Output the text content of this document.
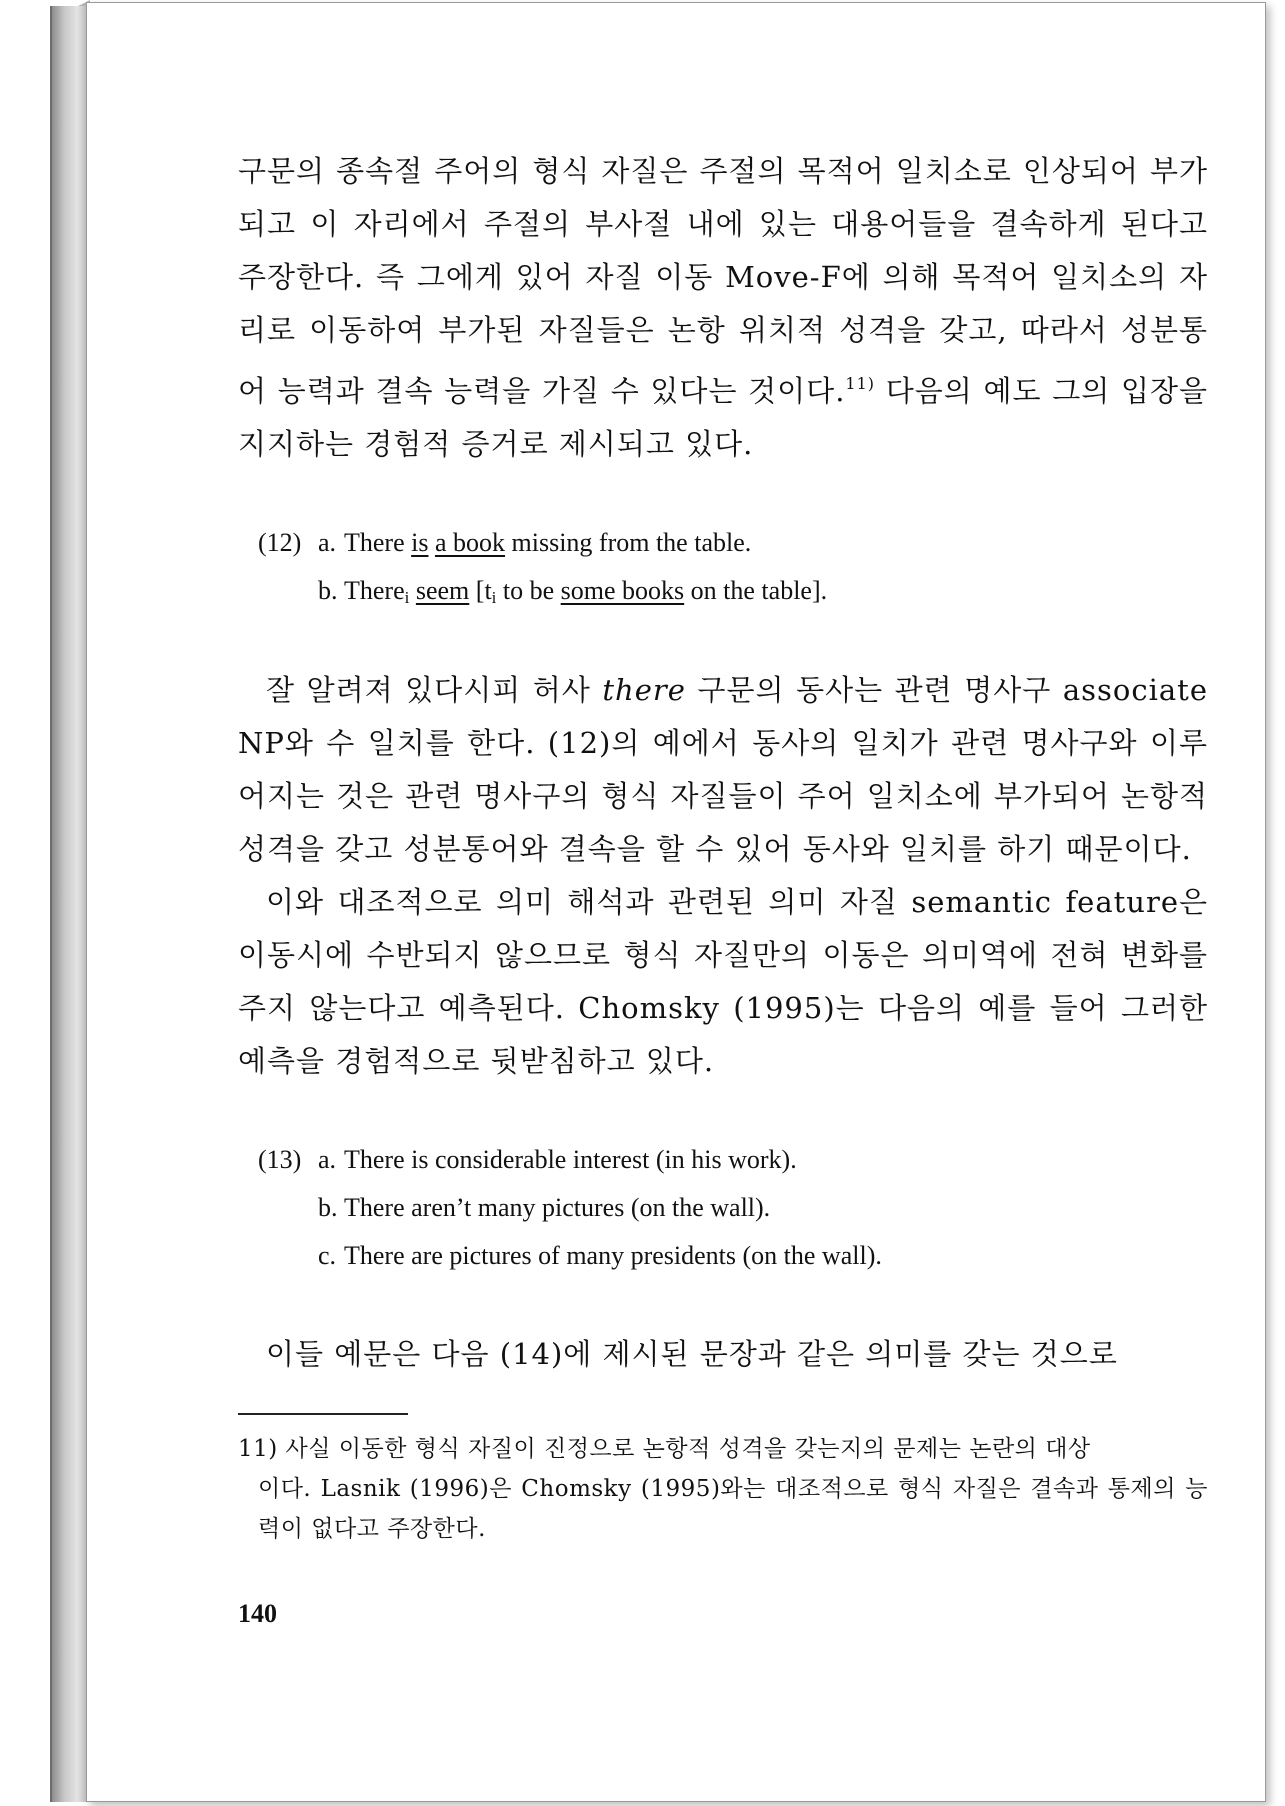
구문의 종속절 주어의 형식 자질은 주절의 목적어 일치소로 인상되어 부가되고 이 자리에서 주절의 부사절 내에 있는 대용어들을 결속하게 된다고 주장한다. 즉 그에게 있어 자질 이동 Move-F에 의해 목적어 일치소의 자리로 이동하여 부가된 자질들은 논항 위치적 성격을 갖고, 따라서 성분통어 능력과 결속 능력을 가질 수 있다는 것이다.$^{11)}$ 다음의 예도 그의 입장을 지지하는 경험적 증거로 제시되고 있다.

(12) a. There is a book missing from the table.
b. There$_i$ seem [$t_i$ to be some books on the table].

잘 알려져 있다시피 허사 there 구문의 동사는 관련 명사구 associate NP와 수 일치를 한다. (12)의 예에서 동사의 일치가 관련 명사구와 이루어지는 것은 관련 명사구의 형식 자질들이 주어 일치소에 부가되어 논항적 성격을 갖고 성분통어와 결속을 할 수 있어 동사와 일치를 하기 때문이다.

이와 대조적으로 의미 해석과 관련된 의미 자질 semantic feature은 이동시에 수반되지 않으므로 형식 자질만의 이동은 의미역에 전혀 변화를 주지 않는다고 예측된다. Chomsky (1995)는 다음의 예를 들어 그러한 예측을 경험적으로 뒷받침하고 있다.

(13) a. There is considerable interest (in his work).
b. There aren’t many pictures (on the wall).
c. There are pictures of many presidents (on the wall).

이들 예문은 다음 (14)에 제시된 문장과 같은 의미를 갖는 것으로

11) 사실 이동한 형식 자질이 진정으로 논항적 성격을 갖는지의 문제는 논란의 대상
이다. Lasnik (1996)은 Chomsky (1995)와는 대조적으로 형식 자질은 결속과 통제의 능력이 없다고 주장한다.

140
